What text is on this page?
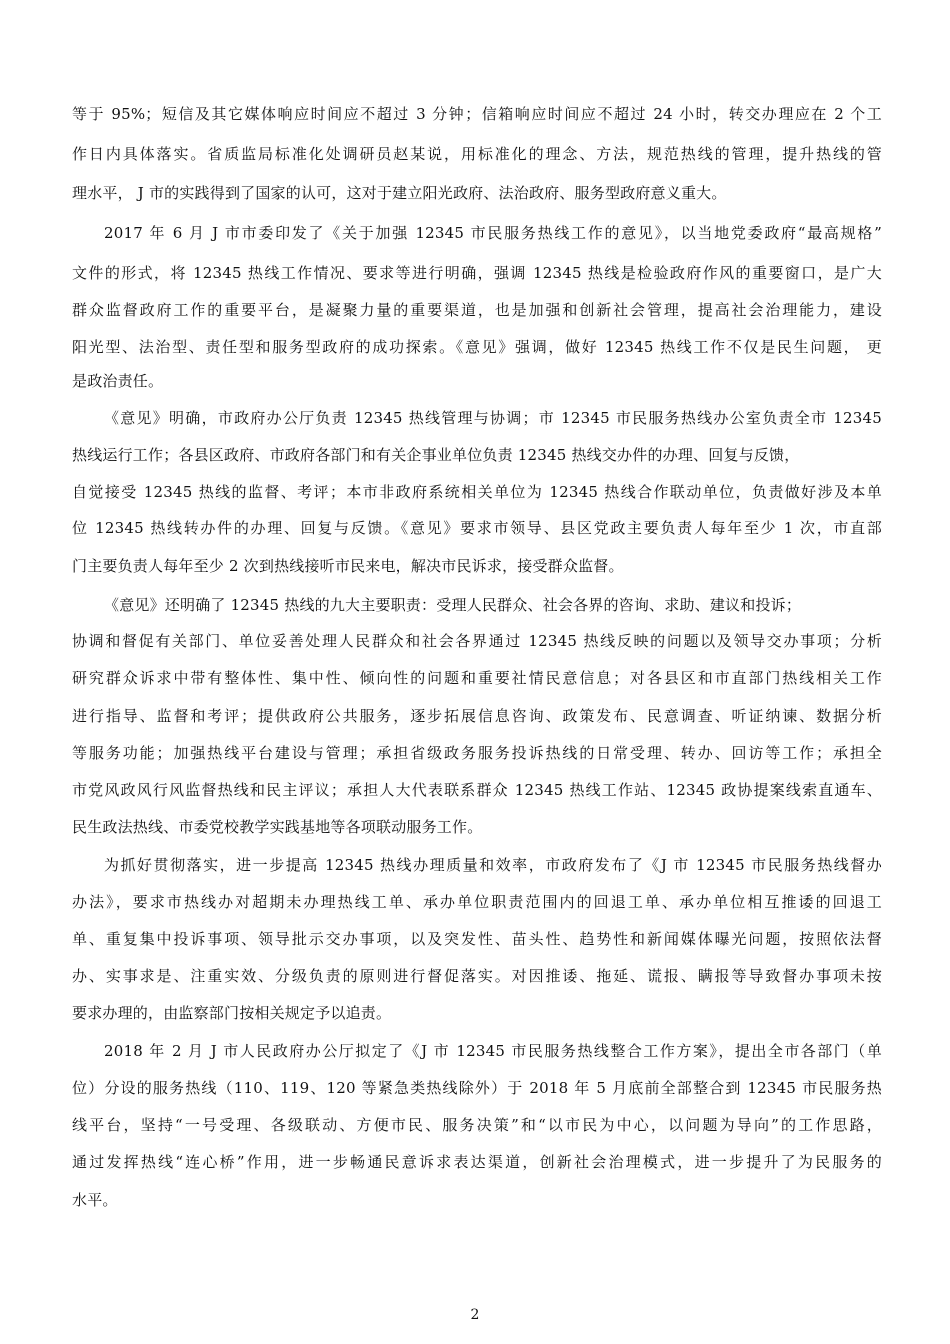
等于 95%；短信及其它媒体响应时间应不超过 3 分钟；信箱响应时间应不超过 24 小时，转交办理应在 2 个工
作日内具体落实。省质监局标准化处调研员赵某说，用标准化的理念、方法，规范热线的管理，提升热线的管
理水平， J 市的实践得到了国家的认可，这对于建立阳光政府、法治政府、服务型政府意义重大。
2017 年 6 月 J 市市委印发了《关于加强 12345 市民服务热线工作的意见》，以当地党委政府“最高规格”
文件的形式，将 12345 热线工作情况、要求等进行明确，强调 12345 热线是检验政府作风的重要窗口，是广大
群众监督政府工作的重要平台，是凝聚力量的重要渠道，也是加强和创新社会管理，提高社会治理能力，建设
阳光型、法治型、责任型和服务型政府的成功探索。《意见》强调，做好 12345 热线工作不仅是民生问题， 更
是政治责任。
《意见》明确，市政府办公厅负责 12345 热线管理与协调；市 12345 市民服务热线办公室负责全市 12345
热线运行工作；各县区政府、市政府各部门和有关企事业单位负责 12345 热线交办件的办理、回复与反馈，
自觉接受 12345 热线的监督、考评；本市非政府系统相关单位为 12345 热线合作联动单位，负责做好涉及本单
位 12345 热线转办件的办理、回复与反馈。《意见》要求市领导、县区党政主要负责人每年至少 1 次，市直部
门主要负责人每年至少 2 次到热线接听市民来电，解决市民诉求，接受群众监督。
《意见》还明确了 12345 热线的九大主要职责：受理人民群众、社会各界的咨询、求助、建议和投诉；
协调和督促有关部门、单位妥善处理人民群众和社会各界通过 12345 热线反映的问题以及领导交办事项；分析
研究群众诉求中带有整体性、集中性、倾向性的问题和重要社情民意信息；对各县区和市直部门热线相关工作
进行指导、监督和考评；提供政府公共服务，逐步拓展信息咨询、政策发布、民意调查、听证纳谏、数据分析
等服务功能；加强热线平台建设与管理；承担省级政务服务投诉热线的日常受理、转办、回访等工作；承担全
市党风政风行风监督热线和民主评议；承担人大代表联系群众 12345 热线工作站、12345 政协提案线索直通车、
民生政法热线、市委党校教学实践基地等各项联动服务工作。
为抓好贯彻落实，进一步提高 12345 热线办理质量和效率，市政府发布了《J 市 12345 市民服务热线督办
办法》，要求市热线办对超期未办理热线工单、承办单位职责范围内的回退工单、承办单位相互推诿的回退工
单、重复集中投诉事项、领导批示交办事项，以及突发性、苗头性、趋势性和新闻媒体曝光问题，按照依法督
办、实事求是、注重实效、分级负责的原则进行督促落实。对因推诿、拖延、谎报、瞒报等导致督办事项未按
要求办理的，由监察部门按相关规定予以追责。
2018 年 2 月 J 市人民政府办公厅拟定了《J 市 12345 市民服务热线整合工作方案》，提出全市各部门（单
位）分设的服务热线（110、119、120 等紧急类热线除外）于 2018 年 5 月底前全部整合到 12345 市民服务热
线平台，坚持“一号受理、各级联动、方便市民、服务决策”和“以市民为中心，以问题为导向”的工作思路，
通过发挥热线“连心桥”作用，进一步畅通民意诉求表达渠道，创新社会治理模式，进一步提升了为民服务的
水平。
2
